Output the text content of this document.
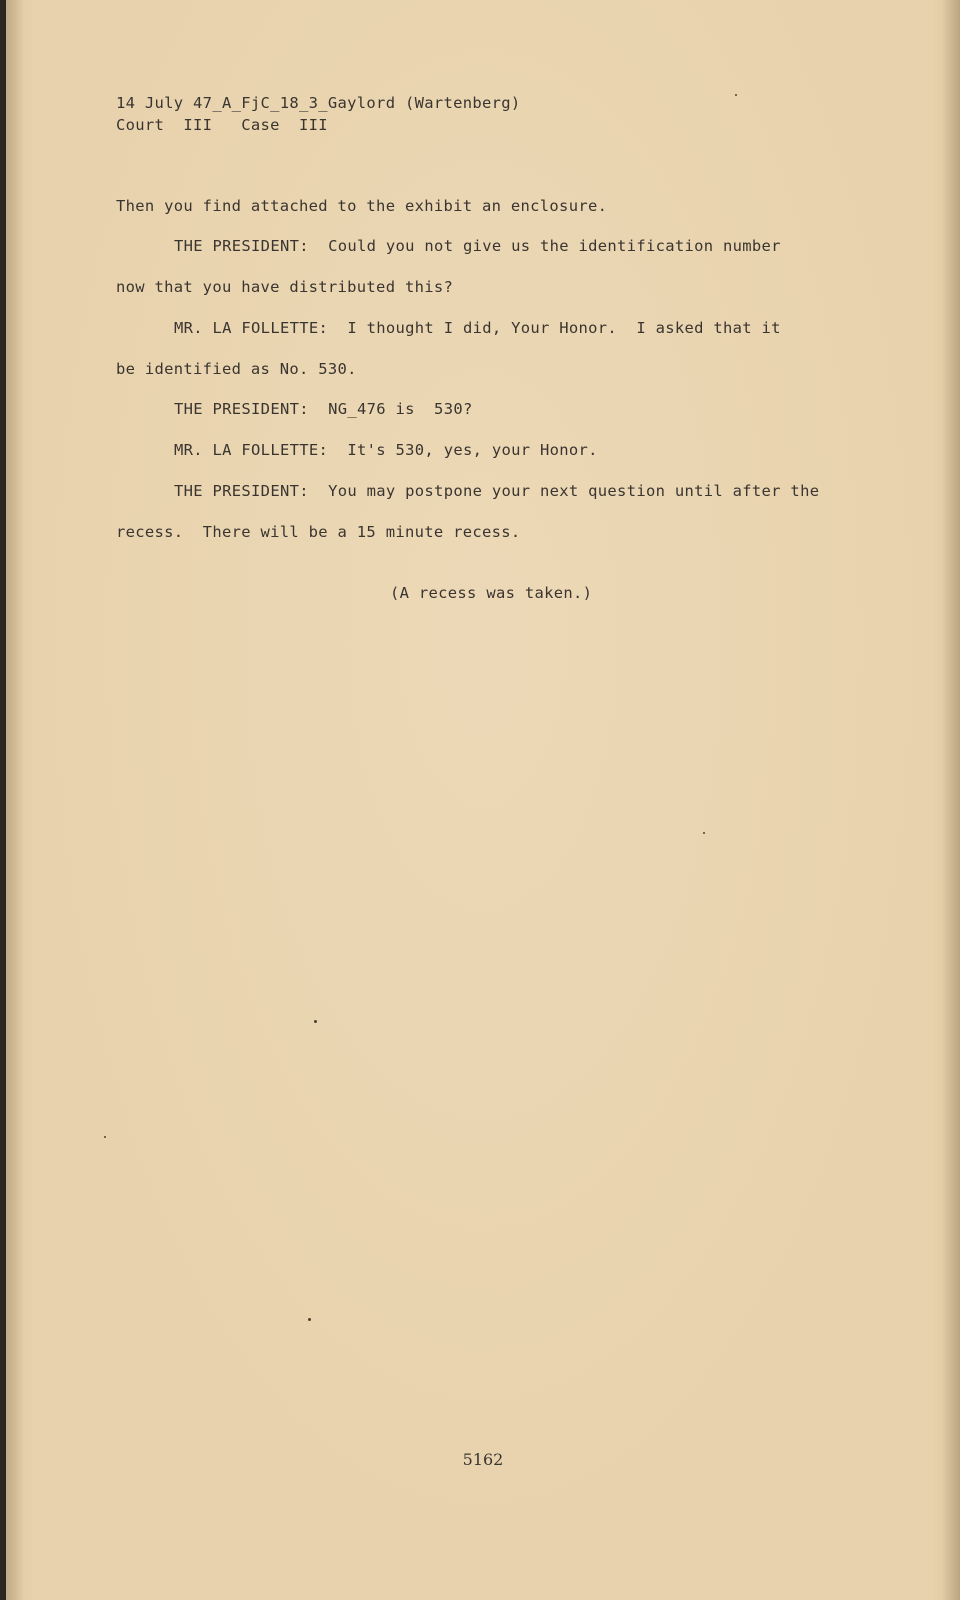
14 July 47_A_FjC_18_3_Gaylord (Wartenberg)
Court  III   Case  III
Then you find attached to the exhibit an enclosure.
THE PRESIDENT:  Could you not give us the identification number
now that you have distributed this?
MR. LA FOLLETTE:  I thought I did, Your Honor.  I asked that it
be identified as No. 530.
THE PRESIDENT:  NG_476 is  530?
MR. LA FOLLETTE:  It's 530, yes, your Honor.
THE PRESIDENT:  You may postpone your next question until after the
recess.  There will be a 15 minute recess.
(A recess was taken.)
5162
